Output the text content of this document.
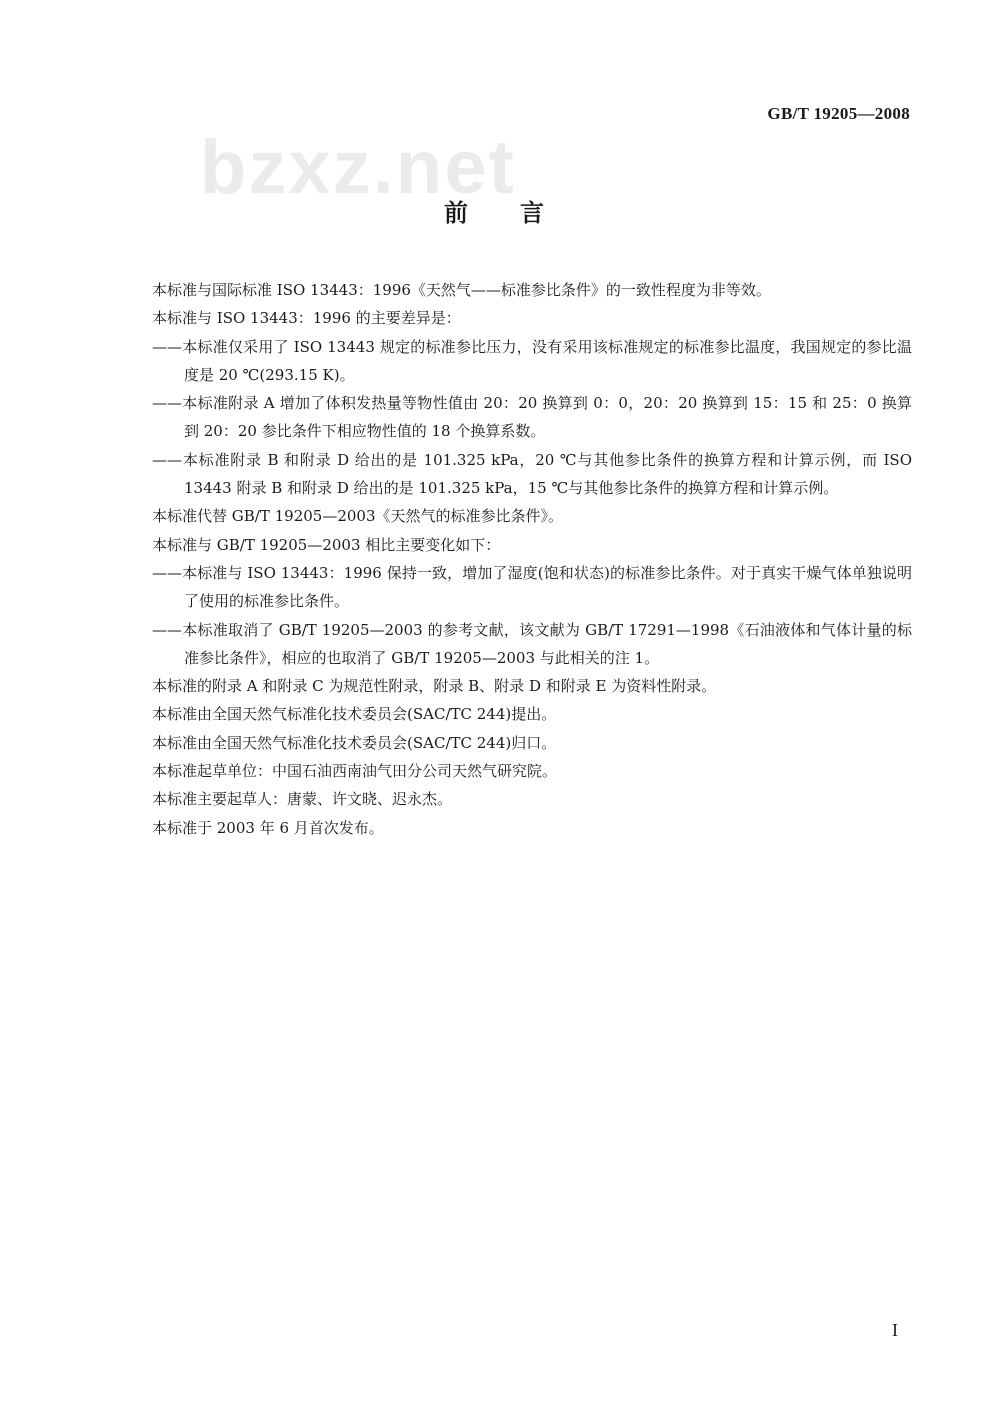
GB/T 19205—2008
bzxz.net
前言

本标准与国际标准 ISO 13443：1996《天然气——标准参比条件》的一致性程度为非等效。

本标准与 ISO 13443：1996 的主要差异是：

——本标准仅采用了 ISO 13443 规定的标准参比压力，没有采用该标准规定的标准参比温度，我国规定的参比温度是 20 ℃(293.15 K)。

——本标准附录 A 增加了体积发热量等物性值由 20：20 换算到 0：0，20：20 换算到 15：15 和 25：0 换算到 20：20 参比条件下相应物性值的 18 个换算系数。

——本标准附录 B 和附录 D 给出的是 101.325 kPa，20 ℃与其他参比条件的换算方程和计算示例，而 ISO 13443 附录 B 和附录 D 给出的是 101.325 kPa，15 ℃与其他参比条件的换算方程和计算示例。

本标准代替 GB/T 19205—2003《天然气的标准参比条件》。

本标准与 GB/T 19205—2003 相比主要变化如下：

——本标准与 ISO 13443：1996 保持一致，增加了湿度(饱和状态)的标准参比条件。对于真实干燥气体单独说明了使用的标准参比条件。

——本标准取消了 GB/T 19205—2003 的参考文献，该文献为 GB/T 17291—1998《石油液体和气体计量的标准参比条件》，相应的也取消了 GB/T 19205—2003 与此相关的注 1。

本标准的附录 A 和附录 C 为规范性附录，附录 B、附录 D 和附录 E 为资料性附录。

本标准由全国天然气标准化技术委员会(SAC/TC 244)提出。

本标准由全国天然气标准化技术委员会(SAC/TC 244)归口。

本标准起草单位：中国石油西南油气田分公司天然气研究院。

本标准主要起草人：唐蒙、许文晓、迟永杰。

本标准于 2003 年 6 月首次发布。

I
